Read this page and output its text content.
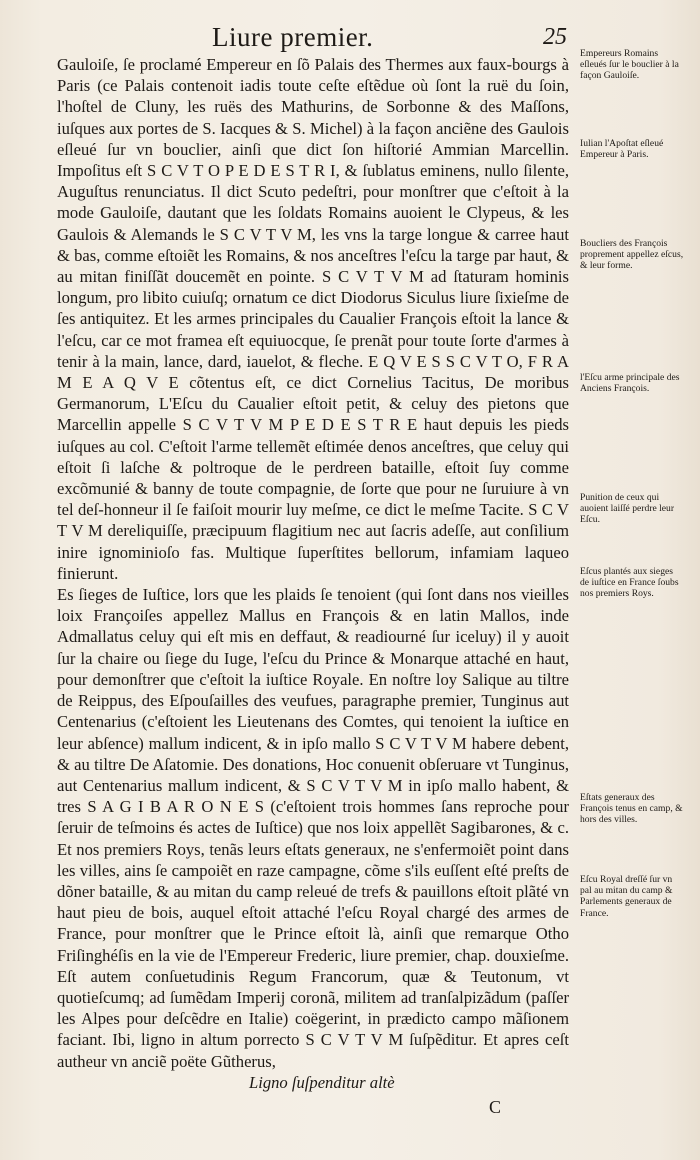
Liure premier.	25

Gauloiſe, ſe proclamé Empereur en ſõ Palais des Thermes aux faux-bourgs à Paris (ce Palais contenoit iadis toute ceſte eſtẽdue où ſont la ruë du ſoin, l'hoſtel de Cluny, les ruës des Mathurins, de Sorbonne & des Maſſons, iuſques aux portes de S. Iacques & S. Michel) à la façon anciẽne des Gaulois eſleué ſur vn bouclier, ainſi que dict ſon hiſtorié Ammian Marcellin. Impoſitus eſt S C V T O P E D E S T R I, & ſublatus eminens, nullo ſilente, Auguſtus renunciatus. Il dict Scuto pedeſtri, pour monſtrer que c'eſtoit à la mode Gauloiſe, dautant que les ſoldats Romains auoient le Clypeus, & les Gaulois & Alemands le S C V T V M, les vns la targe longue & carree haut & bas, comme eſtoiẽt les Romains, & nos anceſtres l'eſcu la targe par haut, & au mitan finiſſãt doucemẽt en pointe. S C V T V M ad ſtaturam hominis longum, pro libito cuiuſq; ornatum ce dict Diodorus Siculus liure ſixieſme de ſes antiquitez. Et les armes principales du Caualier François eſtoit la lance & l'eſcu, car ce mot framea eſt equiuocque, ſe prenãt pour toute ſorte d'armes à tenir à la main, lance, dard, iauelot, & fleche. E Q V E S S C V T O, F R A M E A Q V E cõtentus eſt, ce dict Cornelius Tacitus, De moribus Germanorum, L'Eſcu du Caualier eſtoit petit, & celuy des pietons que Marcellin appelle S C V T V M P E D E S T R E haut depuis les pieds iuſques au col. C'eſtoit l'arme tellemẽt eſtimée denos anceſtres, que celuy qui eſtoit ſi laſche & poltroque de le perdreen bataille, eſtoit ſuy comme excõmunié & banny de toute compagnie, de ſorte que pour ne ſuruiure à vn tel deſ-honneur il ſe faiſoit mourir luy meſme, ce dict le meſme Tacite. S C V T V M dereliquiſſe, præcipuum flagitium nec aut ſacris adeſſe, aut conſilium inire ignominioſo fas. Multique ſuperſtites bellorum, infamiam laqueo finierunt.

Es ſieges de Iuſtice, lors que les plaids ſe tenoient (qui ſont dans nos vieilles loix Françoiſes appellez Mallus en François & en latin Mallos, inde Admallatus celuy qui eſt mis en deffaut, & readiourné ſur iceluy) il y auoit ſur la chaire ou ſiege du Iuge, l'eſcu du Prince & Monarque attaché en haut, pour demonſtrer que c'eſtoit la iuſtice Royale. En noſtre loy Salique au tiltre de Reippus, des Eſpouſailles des veufues, paragraphe premier, Tunginus aut Centenarius (c'eſtoient les Lieutenans des Comtes, qui tenoient la iuſtice en leur abſence) mallum indicent, & in ipſo mallo S C V T V M habere debent, & au tiltre De Aſatomie. Des donations, Hoc conuenit obſeruare vt Tunginus, aut Centenarius mallum indicent, & S C V T V M in ipſo mallo habent, & tres S A G I B A R O N E S (c'eſtoient trois hommes ſans reproche pour ſeruir de teſmoins és actes de Iuſtice) que nos loix appellẽt Sagibarones, & c. Et nos premiers Roys, tenãs leurs eſtats generaux, ne s'enfermoiẽt point dans les villes, ains ſe campoiẽt en raze campagne, cõme s'ils euſſent eſté preſts de dõner bataille, & au mitan du camp releué de trefs & pauillons eſtoit plãté vn haut pieu de bois, auquel eſtoit attaché l'eſcu Royal chargé des armes de France, pour monſtrer que le Prince eſtoit là, ainſi que remarque Otho Friſinghéſis en la vie de l'Empereur Frederic, liure premier, chap. douxieſme. Eſt autem conſuetudinis Regum Francorum, quæ & Teutonum, vt quotieſcumq; ad ſumẽdam Imperij coronã, militem ad tranſalpizãdum (paſſer les Alpes pour deſcẽdre en Italie) coëgerint, in prædicto campo mãſionem faciant. Ibi, ligno in altum porrecto S C V T V M ſuſpẽditur. Et apres ceſt autheur vn anciẽ poëte Gũtherus,

Ligno ſuſpenditur altè

C

Empereurs Romains eſleués ſur le bouclier à la façon Gauloiſe.
Iulian l'Apoſtat eſleué Empereur à Paris.
Boucliers des François proprement appellez eſcus, & leur forme.
l'Eſcu arme principale des Anciens François.
Punition de ceux qui auoient laiſſé perdre leur Eſcu.
Eſcus plantés aux sieges de iuſtice en France ſoubs nos premiers Roys.
Eſtats generaux des François tenus en camp, & hors des villes.
Eſcu Royal dreſſé ſur vn pal au mitan du camp & Parlements generaux de France.
